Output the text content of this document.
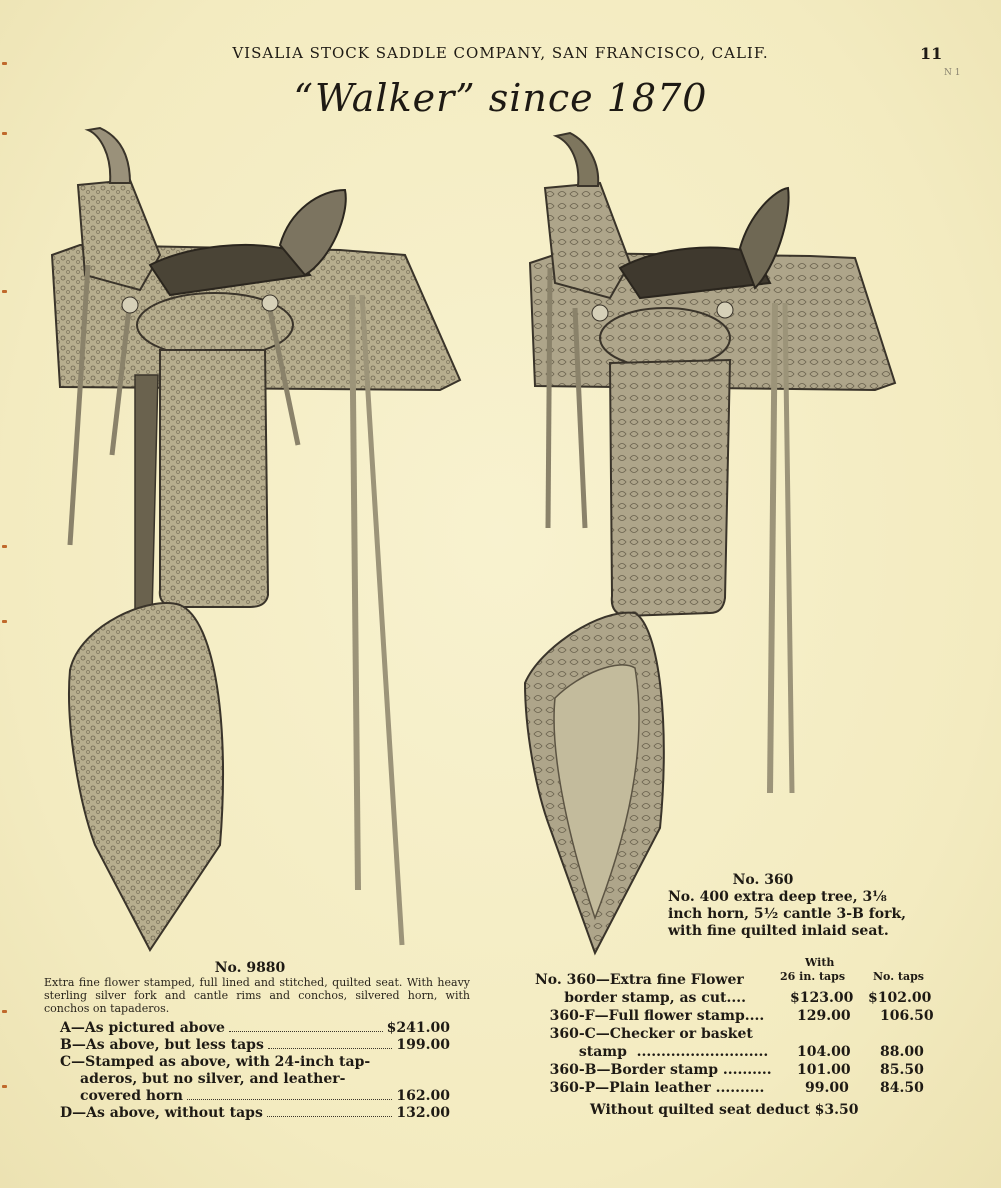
VISALIA STOCK SADDLE COMPANY, SAN FRANCISCO, CALIF.	11
N 1
“Walker” since 1870
No. 9880
Extra fine flower stamped, full lined and stitched, quilted seat. With heavy sterling silver fork and cantle rims and conchos, silvered horn, with conchos on tapaderos.
A—As pictured above	$241.00
B—As above, but less taps	199.00
C—Stamped as above, with 24-inch tap-
aderos, but no silver, and leather-
covered horn	162.00
D—As above, without taps	132.00
No. 360
No. 400 extra deep tree, 3⅛
inch horn, 5½ cantle 3-B fork,
with fine quilted inlaid seat.
With
26 in. taps	No. taps
No. 360—Extra fine Flower
border stamp, as cut....	$123.00 $102.00
360-F—Full flower stamp.... 129.00 106.50
360-C—Checker or basket
stamp  ........................... 104.00 88.00
360-B—Border stamp .......... 101.00 85.50
360-P—Plain leather ..........	99.00 84.50
Without quilted seat deduct $3.50
